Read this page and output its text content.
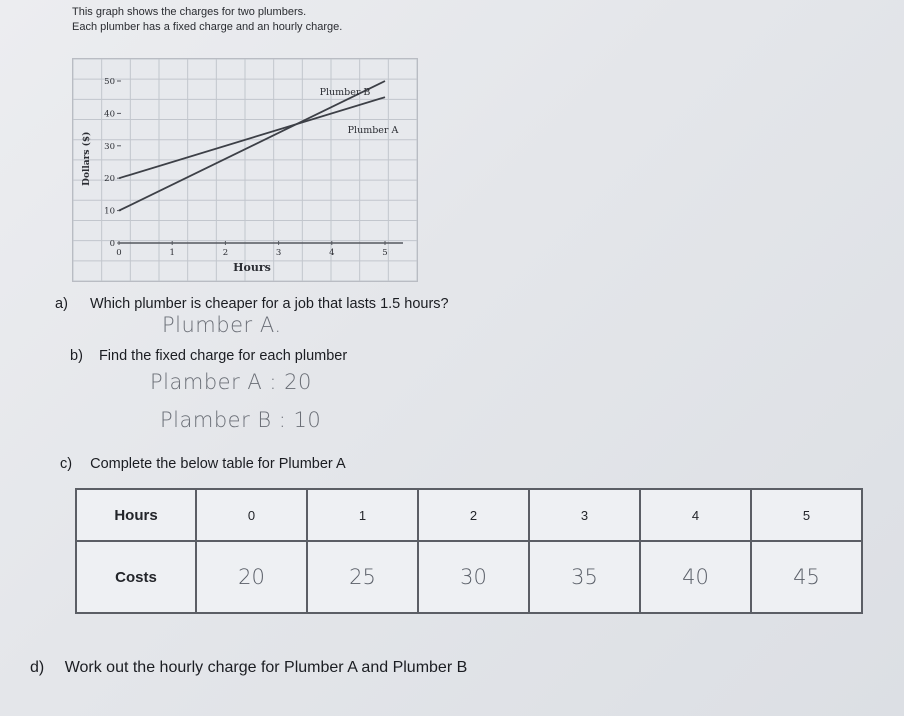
This graph shows the charges for two plumbers.
Each plumber has a fixed charge and an hourly charge.
0
10
20
30
40
50
0	1	2	3	4	5
Hours
Dollars ($)
Plumber A
Plumber B
a) Which plumber is cheaper for a job that lasts 1.5 hours?
Plumber A.
b) Find the fixed charge for each plumber
Plamber A : 20
Plamber B : 10
c) Complete the below table for Plumber A
Hours	0	1	2	3	4	5
Costs	20	25	30	35	40	45
d) Work out the hourly charge for Plumber A and Plumber B
